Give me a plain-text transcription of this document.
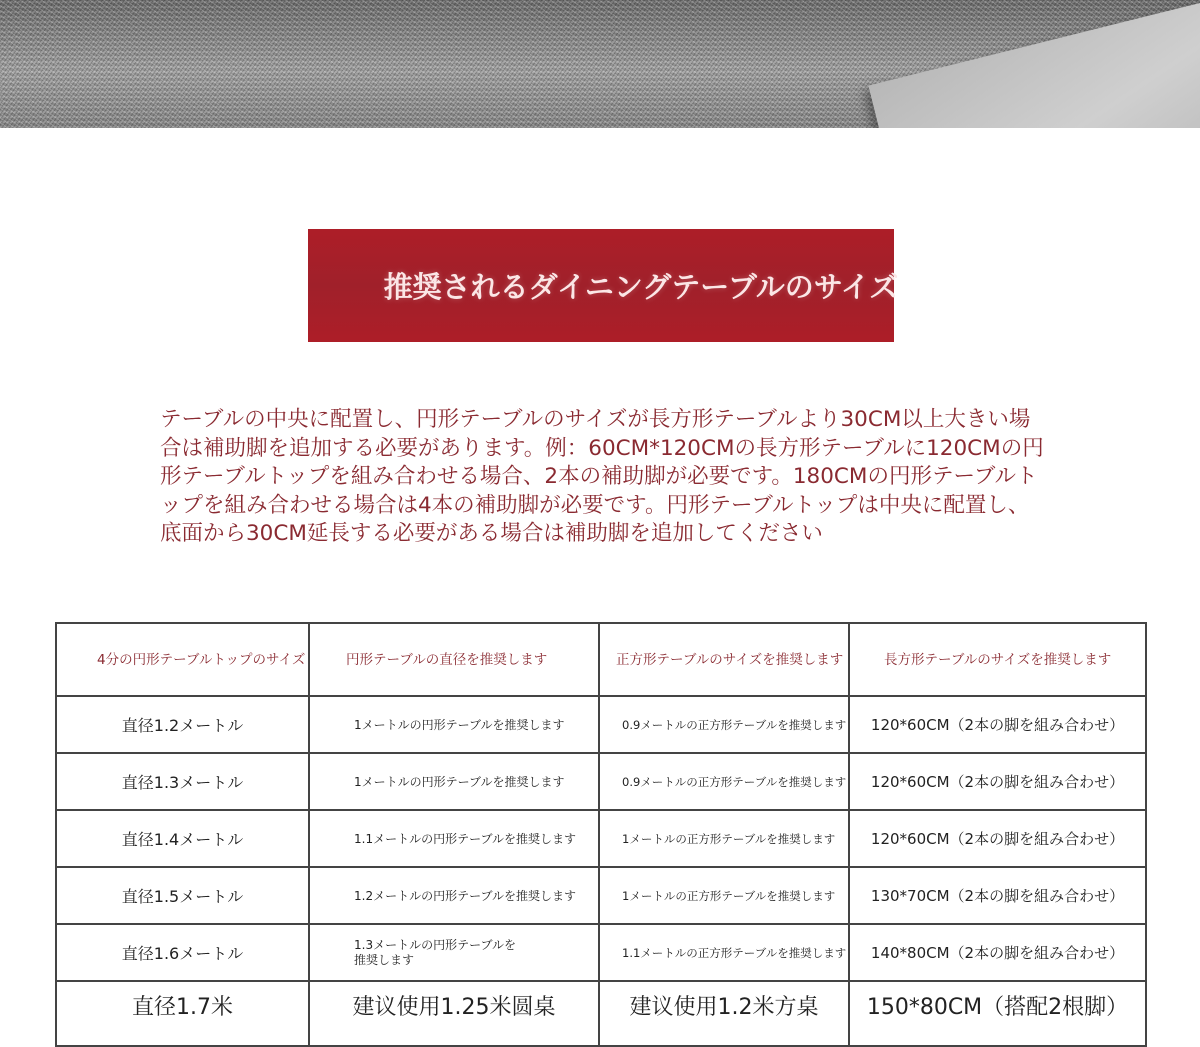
推奨されるダイニングテーブルのサイズ

テーブルの中央に配置し、円形テーブルのサイズが長方形テーブルより30CM以上大きい場合は補助脚を追加する必要があります。例：60CM*120CMの長方形テーブルに120CMの円形テーブルトップを組み合わせる場合、2本の補助脚が必要です。180CMの円形テーブルトップを組み合わせる場合は4本の補助脚が必要です。円形テーブルトップは中央に配置し、底面から30CM延長する必要がある場合は補助脚を追加してください

4分の円形テーブルトップのサイズ	円形テーブルの直径を推奨します	正方形テーブルのサイズを推奨します	長方形テーブルのサイズを推奨します
直径1.2メートル	1メートルの円形テーブルを推奨します	0.9メートルの正方形テーブルを推奨します	120*60CM（2本の脚を組み合わせ）
直径1.3メートル	1メートルの円形テーブルを推奨します	0.9メートルの正方形テーブルを推奨します	120*60CM（2本の脚を組み合わせ）
直径1.4メートル	1.1メートルの円形テーブルを推奨します	1メートルの正方形テーブルを推奨します	120*60CM（2本の脚を組み合わせ）
直径1.5メートル	1.2メートルの円形テーブルを推奨します	1メートルの正方形テーブルを推奨します	130*70CM（2本の脚を組み合わせ）
直径1.6メートル	1.3メートルの円形テーブルを推奨します	1.1メートルの正方形テーブルを推奨します	140*80CM（2本の脚を組み合わせ）
直径1.7米	建议使用1.25米圆桌	建议使用1.2米方桌	150*80CM（搭配2根脚）
